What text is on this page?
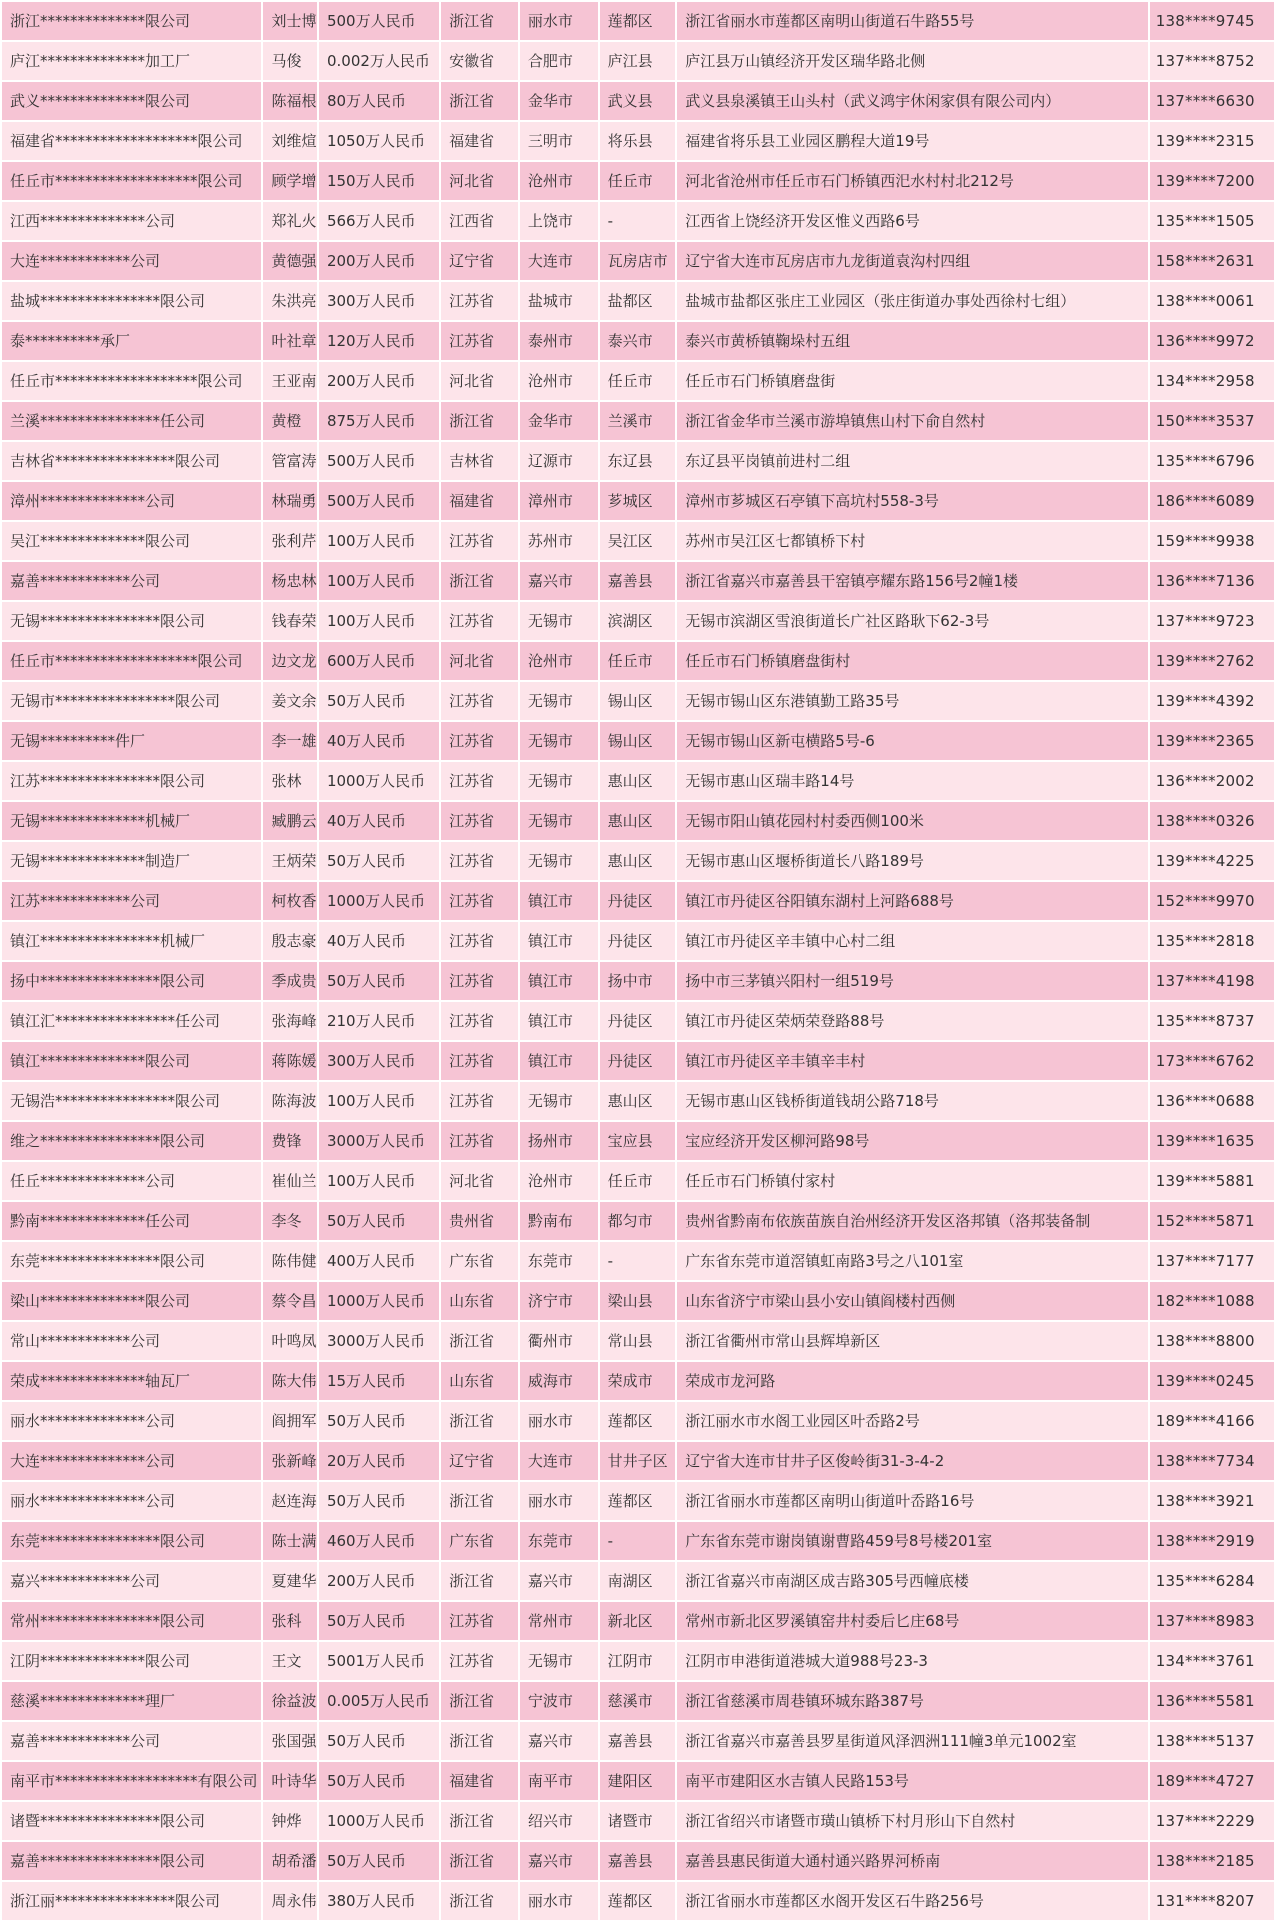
浙江**************限公司	刘士博	500万人民币	浙江省	丽水市	莲都区	浙江省丽水市莲都区南明山街道石牛路55号	138****9745
庐江**************加工厂	马俊	0.002万人民币	安徽省	合肥市	庐江县	庐江县万山镇经济开发区瑞华路北侧	137****8752
武义**************限公司	陈福根	80万人民币	浙江省	金华市	武义县	武义县泉溪镇王山头村（武义鸿宇休闲家俱有限公司内）	137****6630
福建省*******************限公司	刘维煊	1050万人民币	福建省	三明市	将乐县	福建省将乐县工业园区鹏程大道19号	139****2315
任丘市*******************限公司	顾学增	150万人民币	河北省	沧州市	任丘市	河北省沧州市任丘市石门桥镇西汜水村村北212号	139****7200
江西**************公司	郑礼火	566万人民币	江西省	上饶市	-	江西省上饶经济开发区惟义西路6号	135****1505
大连************公司	黄德强	200万人民币	辽宁省	大连市	瓦房店市	辽宁省大连市瓦房店市九龙街道袁沟村四组	158****2631
盐城****************限公司	朱洪亮	300万人民币	江苏省	盐城市	盐都区	盐城市盐都区张庄工业园区（张庄街道办事处西徐村七组）	138****0061
泰**********承厂	叶社章	120万人民币	江苏省	泰州市	泰兴市	泰兴市黄桥镇鞠垛村五组	136****9972
任丘市*******************限公司	王亚南	200万人民币	河北省	沧州市	任丘市	任丘市石门桥镇磨盘街	134****2958
兰溪****************任公司	黄橙	875万人民币	浙江省	金华市	兰溪市	浙江省金华市兰溪市游埠镇焦山村下俞自然村	150****3537
吉林省****************限公司	管富涛	500万人民币	吉林省	辽源市	东辽县	东辽县平岗镇前进村二组	135****6796
漳州**************公司	林瑞勇	500万人民币	福建省	漳州市	芗城区	漳州市芗城区石亭镇下高坑村558-3号	186****6089
吴江**************限公司	张利芹	100万人民币	江苏省	苏州市	吴江区	苏州市吴江区七都镇桥下村	159****9938
嘉善************公司	杨忠林	100万人民币	浙江省	嘉兴市	嘉善县	浙江省嘉兴市嘉善县干窑镇亭耀东路156号2幢1楼	136****7136
无锡****************限公司	钱春荣	100万人民币	江苏省	无锡市	滨湖区	无锡市滨湖区雪浪街道长广社区路耿下62-3号	137****9723
任丘市*******************限公司	边文龙	600万人民币	河北省	沧州市	任丘市	任丘市石门桥镇磨盘街村	139****2762
无锡市****************限公司	姜文余	50万人民币	江苏省	无锡市	锡山区	无锡市锡山区东港镇勤工路35号	139****4392
无锡**********件厂	李一雄	40万人民币	江苏省	无锡市	锡山区	无锡市锡山区新屯横路5号-6	139****2365
江苏****************限公司	张林	1000万人民币	江苏省	无锡市	惠山区	无锡市惠山区瑞丰路14号	136****2002
无锡**************机械厂	臧鹏云	40万人民币	江苏省	无锡市	惠山区	无锡市阳山镇花园村村委西侧100米	138****0326
无锡**************制造厂	王炳荣	50万人民币	江苏省	无锡市	惠山区	无锡市惠山区堰桥街道长八路189号	139****4225
江苏************公司	柯枚香	1000万人民币	江苏省	镇江市	丹徒区	镇江市丹徒区谷阳镇东湖村上河路688号	152****9970
镇江****************机械厂	殷志豪	40万人民币	江苏省	镇江市	丹徒区	镇江市丹徒区辛丰镇中心村二组	135****2818
扬中****************限公司	季成贵	50万人民币	江苏省	镇江市	扬中市	扬中市三茅镇兴阳村一组519号	137****4198
镇江汇****************任公司	张海峰	210万人民币	江苏省	镇江市	丹徒区	镇江市丹徒区荣炳荣登路88号	135****8737
镇江**************限公司	蒋陈媛	300万人民币	江苏省	镇江市	丹徒区	镇江市丹徒区辛丰镇辛丰村	173****6762
无锡浩****************限公司	陈海波	100万人民币	江苏省	无锡市	惠山区	无锡市惠山区钱桥街道钱胡公路718号	136****0688
维之****************限公司	费锋	3000万人民币	江苏省	扬州市	宝应县	宝应经济开发区柳河路98号	139****1635
任丘**************公司	崔仙兰	100万人民币	河北省	沧州市	任丘市	任丘市石门桥镇付家村	139****5881
黔南**************任公司	李冬	50万人民币	贵州省	黔南布	都匀市	贵州省黔南布依族苗族自治州经济开发区洛邦镇（洛邦装备制	152****5871
东莞****************限公司	陈伟健	400万人民币	广东省	东莞市	-	广东省东莞市道滘镇虹南路3号之八101室	137****7177
梁山**************限公司	蔡令昌	1000万人民币	山东省	济宁市	梁山县	山东省济宁市梁山县小安山镇阎楼村西侧	182****1088
常山************公司	叶鸣凤	3000万人民币	浙江省	衢州市	常山县	浙江省衢州市常山县辉埠新区	138****8800
荣成**************轴瓦厂	陈大伟	15万人民币	山东省	威海市	荣成市	荣成市龙河路	139****0245
丽水**************公司	阎拥军	50万人民币	浙江省	丽水市	莲都区	浙江丽水市水阁工业园区叶岙路2号	189****4166
大连**************公司	张新峰	20万人民币	辽宁省	大连市	甘井子区	辽宁省大连市甘井子区俊岭街31-3-4-2	138****7734
丽水**************公司	赵连海	50万人民币	浙江省	丽水市	莲都区	浙江省丽水市莲都区南明山街道叶岙路16号	138****3921
东莞****************限公司	陈士满	460万人民币	广东省	东莞市	-	广东省东莞市谢岗镇谢曹路459号8号楼201室	138****2919
嘉兴************公司	夏建华	200万人民币	浙江省	嘉兴市	南湖区	浙江省嘉兴市南湖区成吉路305号西幢底楼	135****6284
常州****************限公司	张科	50万人民币	江苏省	常州市	新北区	常州市新北区罗溪镇窑井村委后匕庄68号	137****8983
江阴**************限公司	王文	5001万人民币	江苏省	无锡市	江阴市	江阴市申港街道港城大道988号23-3	134****3761
慈溪**************理厂	徐益波	0.005万人民币	浙江省	宁波市	慈溪市	浙江省慈溪市周巷镇环城东路387号	136****5581
嘉善************公司	张国强	50万人民币	浙江省	嘉兴市	嘉善县	浙江省嘉兴市嘉善县罗星街道风泽泗洲111幢3单元1002室	138****5137
南平市*******************有限公司	叶诗华	50万人民币	福建省	南平市	建阳区	南平市建阳区水吉镇人民路153号	189****4727
诸暨****************限公司	钟烨	1000万人民币	浙江省	绍兴市	诸暨市	浙江省绍兴市诸暨市璜山镇桥下村月形山下自然村	137****2229
嘉善****************限公司	胡希潘	50万人民币	浙江省	嘉兴市	嘉善县	嘉善县惠民街道大通村通兴路界河桥南	138****2185
浙江丽****************限公司	周永伟	380万人民币	浙江省	丽水市	莲都区	浙江省丽水市莲都区水阁开发区石牛路256号	131****8207
